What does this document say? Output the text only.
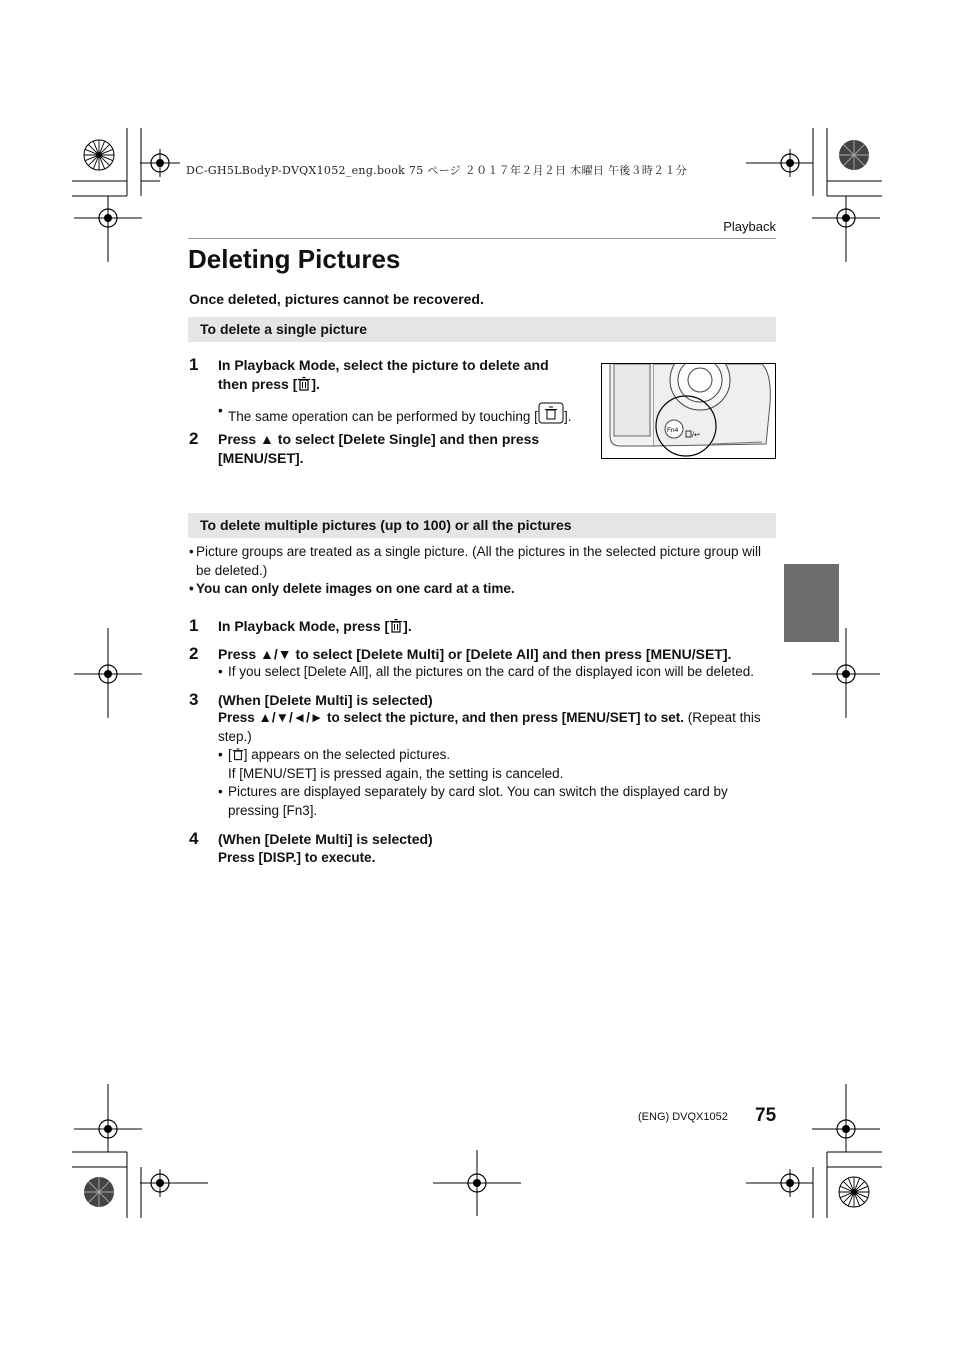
DC-GH5LBodyP-DVQX1052_eng.book 75 ページ ２０１７年２月２日 木曜日 午後３時２１分
Playback
Deleting Pictures
Once deleted, pictures cannot be recovered.
To delete a single picture
1 In Playback Mode, select the picture to delete and
then press [ ].
• The same operation can be performed by touching [ ].
2 Press ▲ to select [Delete Single] and then press
[MENU/SET].
Fn4
/↩
To delete multiple pictures (up to 100) or all the pictures
• Picture groups are treated as a single picture. (All the pictures in the selected picture group will
be deleted.)
• You can only delete images on one card at a time.
1 In Playback Mode, press [ ].
2 Press ▲/▼ to select [Delete Multi] or [Delete All] and then press [MENU/SET].
• If you select [Delete All], all the pictures on the card of the displayed icon will be deleted.
3 (When [Delete Multi] is selected)
Press ▲/▼/◄/► to select the picture, and then press [MENU/SET] to set. (Repeat this
step.)
• [ ] appears on the selected pictures.
If [MENU/SET] is pressed again, the setting is canceled.
• Pictures are displayed separately by card slot. You can switch the displayed card by
pressing [Fn3].
4 (When [Delete Multi] is selected)
Press [DISP.] to execute.
(ENG) DVQX1052 75
